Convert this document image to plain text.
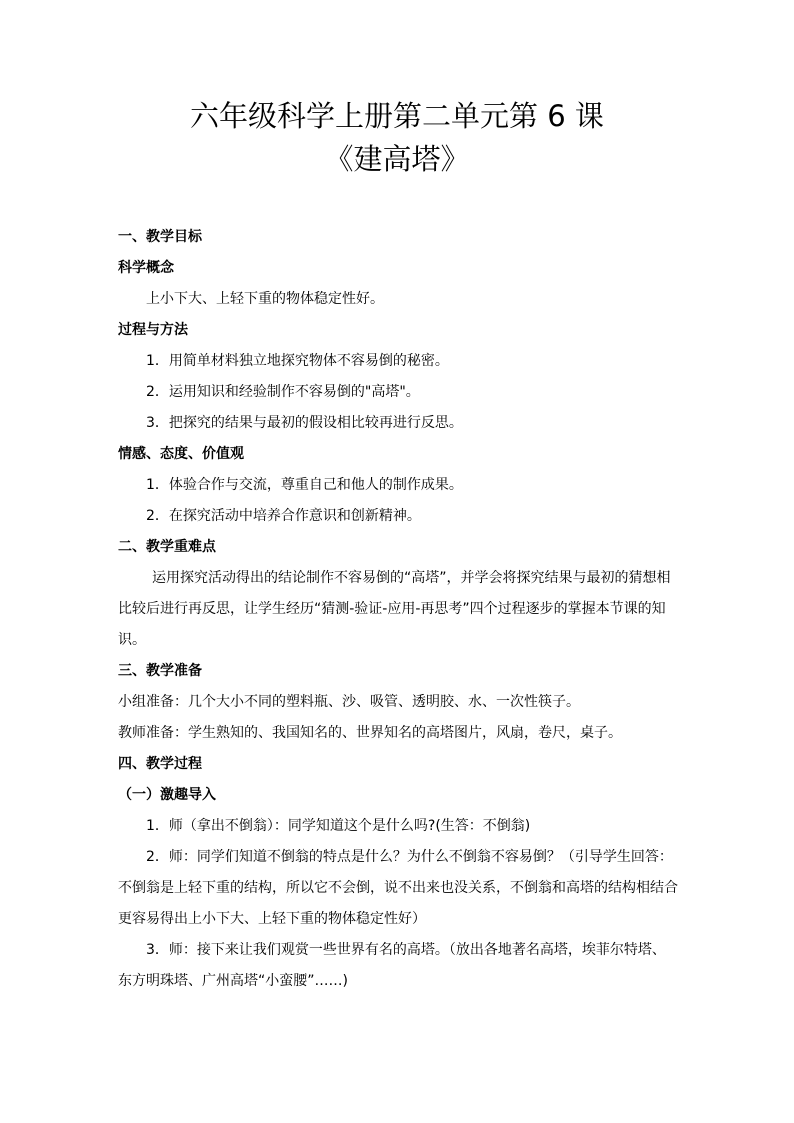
六年级科学上册第二单元第 6 课
《建高塔》
一、教学目标
科学概念
上小下大、上轻下重的物体稳定性好。
过程与方法
1．用简单材料独立地探究物体不容易倒的秘密。
2．运用知识和经验制作不容易倒的"高塔"。
3．把探究的结果与最初的假设相比较再进行反思。
情感、态度、价值观
1．体验合作与交流，尊重自己和他人的制作成果。
2．在探究活动中培养合作意识和创新精神。
二、教学重难点
运用探究活动得出的结论制作不容易倒的“高塔”，并学会将探究结果与最初的猜想相比较后进行再反思，让学生经历“猜测-验证-应用-再思考”四个过程逐步的掌握本节课的知识。
三、教学准备
小组准备：几个大小不同的塑料瓶、沙、吸管、透明胶、水、一次性筷子。
教师准备：学生熟知的、我国知名的、世界知名的高塔图片，风扇，卷尺，桌子。
四、教学过程
（一）激趣导入
1．师（拿出不倒翁）：同学知道这个是什么吗?(生答：不倒翁)
2．师：同学们知道不倒翁的特点是什么？为什么不倒翁不容易倒？（引导学生回答：不倒翁是上轻下重的结构，所以它不会倒，说不出来也没关系，不倒翁和高塔的结构相结合更容易得出上小下大、上轻下重的物体稳定性好）
3．师：接下来让我们观赏一些世界有名的高塔。（放出各地著名高塔，埃菲尔特塔、东方明珠塔、广州高塔“小蛮腰”……)
